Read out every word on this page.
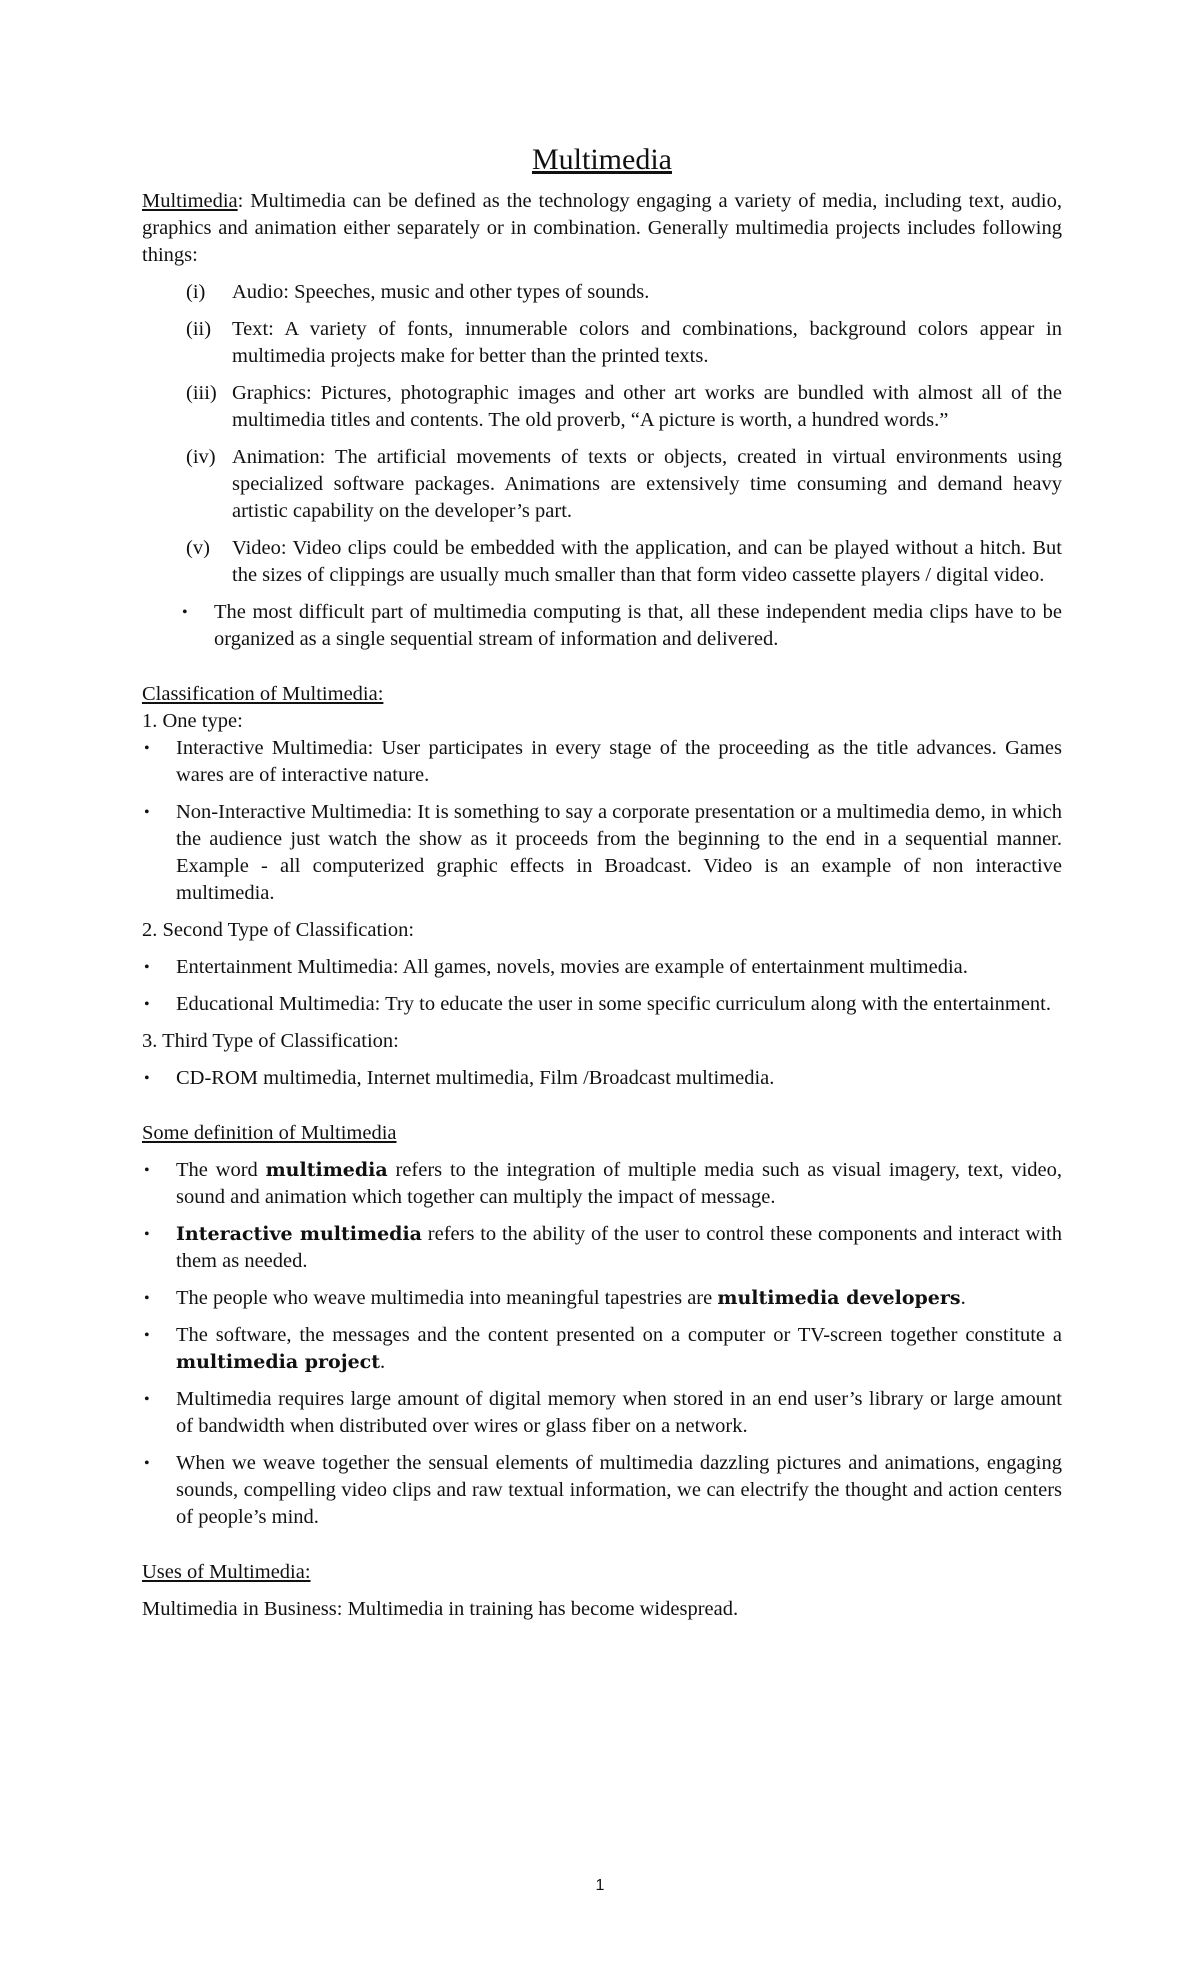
Multimedia

Multimedia: Multimedia can be defined as the technology engaging a variety of media, including text, audio, graphics and animation either separately or in combination. Generally multimedia projects includes following things:

(i) Audio: Speeches, music and other types of sounds.
(ii) Text: A variety of fonts, innumerable colors and combinations, background colors appear in multimedia projects make for better than the printed texts.
(iii) Graphics: Pictures, photographic images and other art works are bundled with almost all of the multimedia titles and contents. The old proverb, “A picture is worth, a hundred words.”
(iv) Animation: The artificial movements of texts or objects, created in virtual environments using specialized software packages. Animations are extensively time consuming and demand heavy artistic capability on the developer’s part.
(v) Video: Video clips could be embedded with the application, and can be played without a hitch. But the sizes of clippings are usually much smaller than that form video cassette players / digital video.
• The most difficult part of multimedia computing is that, all these independent media clips have to be organized as a single sequential stream of information and delivered.
Classification of Multimedia:
1. One type:
• Interactive Multimedia: User participates in every stage of the proceeding as the title advances. Games wares are of interactive nature.
• Non-Interactive Multimedia: It is something to say a corporate presentation or a multimedia demo, in which the audience just watch the show as it proceeds from the beginning to the end in a sequential manner. Example - all computerized graphic effects in Broadcast. Video is an example of non interactive multimedia.
2. Second Type of Classification:
• Entertainment Multimedia: All games, novels, movies are example of entertainment multimedia.
• Educational Multimedia: Try to educate the user in some specific curriculum along with the entertainment.
3. Third Type of Classification:
• CD-ROM multimedia, Internet multimedia, Film /Broadcast multimedia.
Some definition of Multimedia
• The word multimedia refers to the integration of multiple media such as visual imagery, text, video, sound and animation which together can multiply the impact of message.
• Interactive multimedia refers to the ability of the user to control these components and interact with them as needed.
• The people who weave multimedia into meaningful tapestries are multimedia developers.
• The software, the messages and the content presented on a computer or TV-screen together constitute a multimedia project.
• Multimedia requires large amount of digital memory when stored in an end user’s library or large amount of bandwidth when distributed over wires or glass fiber on a network.
• When we weave together the sensual elements of multimedia dazzling pictures and animations, engaging sounds, compelling video clips and raw textual information, we can electrify the thought and action centers of people’s mind.
Uses of Multimedia:

Multimedia in Business: Multimedia in training has become widespread.

1
